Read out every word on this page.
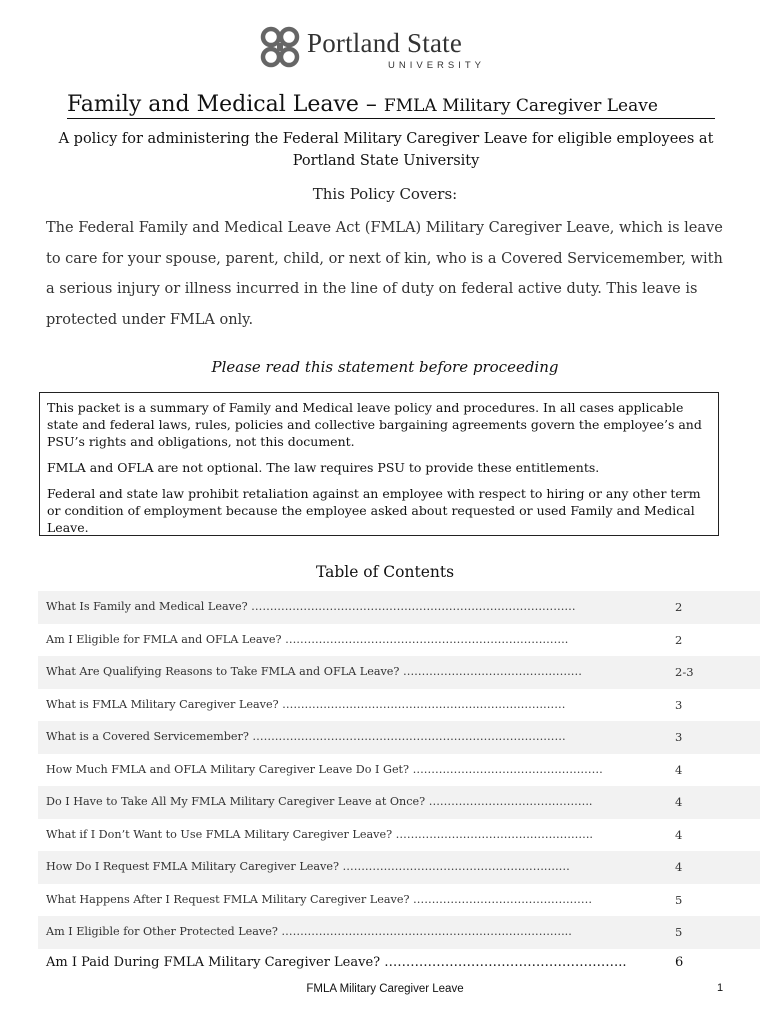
Portland State
UNIVERSITY
Family and Medical Leave – FMLA Military Caregiver Leave
A policy for administering the Federal Military Caregiver Leave for eligible employees at Portland State University
This Policy Covers:
The Federal Family and Medical Leave Act (FMLA) Military Caregiver Leave, which is leave to care for your spouse, parent, child, or next of kin, who is a Covered Servicemember, with a serious injury or illness incurred in the line of duty on federal active duty. This leave is protected under FMLA only.
Please read this statement before proceeding

This packet is a summary of Family and Medical leave policy and procedures. In all cases applicable state and federal laws, rules, policies and collective bargaining agreements govern the employee’s and PSU’s rights and obligations, not this document.

FMLA and OFLA are not optional. The law requires PSU to provide these entitlements.

Federal and state law prohibit retaliation against an employee with respect to hiring or any other term or condition of employment because the employee asked about requested or used Family and Medical Leave.

Table of Contents
What Is Family and Medical Leave? ……………………………………………………………………………	2
Am I Eligible for FMLA and OFLA Leave? ………………………………………………………………….	2
What Are Qualifying Reasons to Take FMLA and OFLA Leave? …………………………………………	2-3
What is FMLA Military Caregiver Leave? …………………………………………….……………………	3
What is a Covered Servicemember? …………………………………………………………………………	3
How Much FMLA and OFLA Military Caregiver Leave Do I Get? ……………………………………………	4
Do I Have to Take All My FMLA Military Caregiver Leave at Once? ……………………………………..	4
What if I Don’t Want to Use FMLA Military Caregiver Leave? ……………………………………………..	4
How Do I Request FMLA Military Caregiver Leave? ……………………………………………….……	4
What Happens After I Request FMLA Military Caregiver Leave? …………………………………………	5
Am I Eligible for Other Protected Leave? …………………………………………………………………...	5
Am I Paid During FMLA Military Caregiver Leave? ………………………………………………..	6
FMLA Military Caregiver Leave	1
